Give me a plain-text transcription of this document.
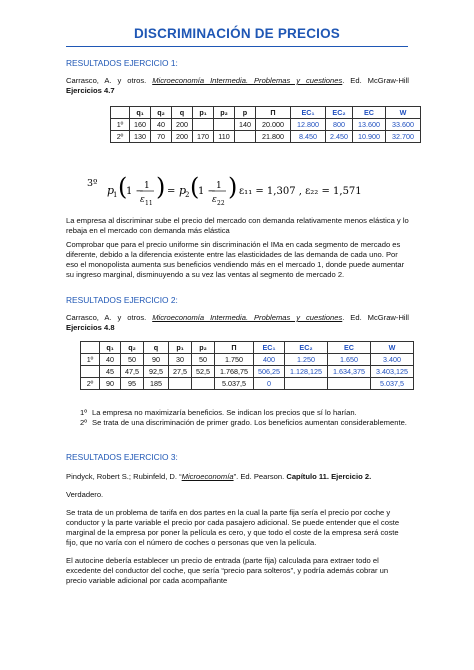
DISCRIMINACIÓN DE PRECIOS
RESULTADOS EJERCICIO 1:
Carrasco, A. y otros. Microeconomía Intermedia. Problemas y cuestiones. Ed. McGraw-Hill
Ejercicios 4.7
	q₁	q₂	q	p₁	p₂	p	Π	EC₁	EC₂	EC	W
1º	160	40	200			140	20.000	12.800	800	13.600	33.600
2º	130	70	200	170	110		21.800	8.450	2.450	10.900	32.700
3º
p
1 (
1 − 1
ε 11
) = p
2 (
1 − 1
ε 22
) ε₁₁ = 1,307 , ε₂₂ = 1,571
La empresa al discriminar sube el precio del mercado con demanda relativamente menos elástica y lo rebaja en el mercado con demanda más elástica
Comprobar que para el precio uniforme sin discriminación el IMa en cada segmento de mercado es diferente, debido a la diferencia existente entre las elasticidades de las demanda de cada uno. Por eso el monopolista aumenta sus beneficios vendiendo más en el mercado 1, donde puede aumentar su ingreso marginal, disminuyendo a su vez las ventas al segmento de mercado 2.
RESULTADOS EJERCICIO 2:
Carrasco, A. y otros. Microeconomía Intermedia. Problemas y cuestiones. Ed. McGraw-Hill
Ejercicios 4.8
	q₁	q₂	q	p₁	p₂	Π	EC₁	EC₂	EC	W
1º	40	50	90	30	50	1.750	400	1.250	1.650	3.400
	45	47,5	92,5	27,5	52,5	1.768,75	506,25	1.128,125	1.634,375	3.403,125
2º	90	95	185			5.037,5	0			5.037,5
1º La empresa no maximizaría beneficios. Se indican los precios que sí lo harían.
2º Se trata de una discriminación de primer grado. Los beneficios aumentan considerablemente.
RESULTADOS EJERCICIO 3:
Pindyck, Robert S.; Rubinfeld, D. “Microeconomía”. Ed. Pearson. Capítulo 11. Ejercicio 2.
Verdadero.
Se trata de un problema de tarifa en dos partes en la cual la parte fija sería el precio por coche y conductor y la parte variable el precio por cada pasajero adicional. Se puede entender que el coste marginal de la empresa por poner la película es cero, y que todo el coste de la empresa será coste fijo, que no varía con el número de coches o personas que ven la película.
El autocine debería establecer un precio de entrada (parte fija) calculada para extraer todo el excedente del conductor del coche, que sería “precio para solteros”, y podría además cobrar un precio variable adicional por cada acompañante
